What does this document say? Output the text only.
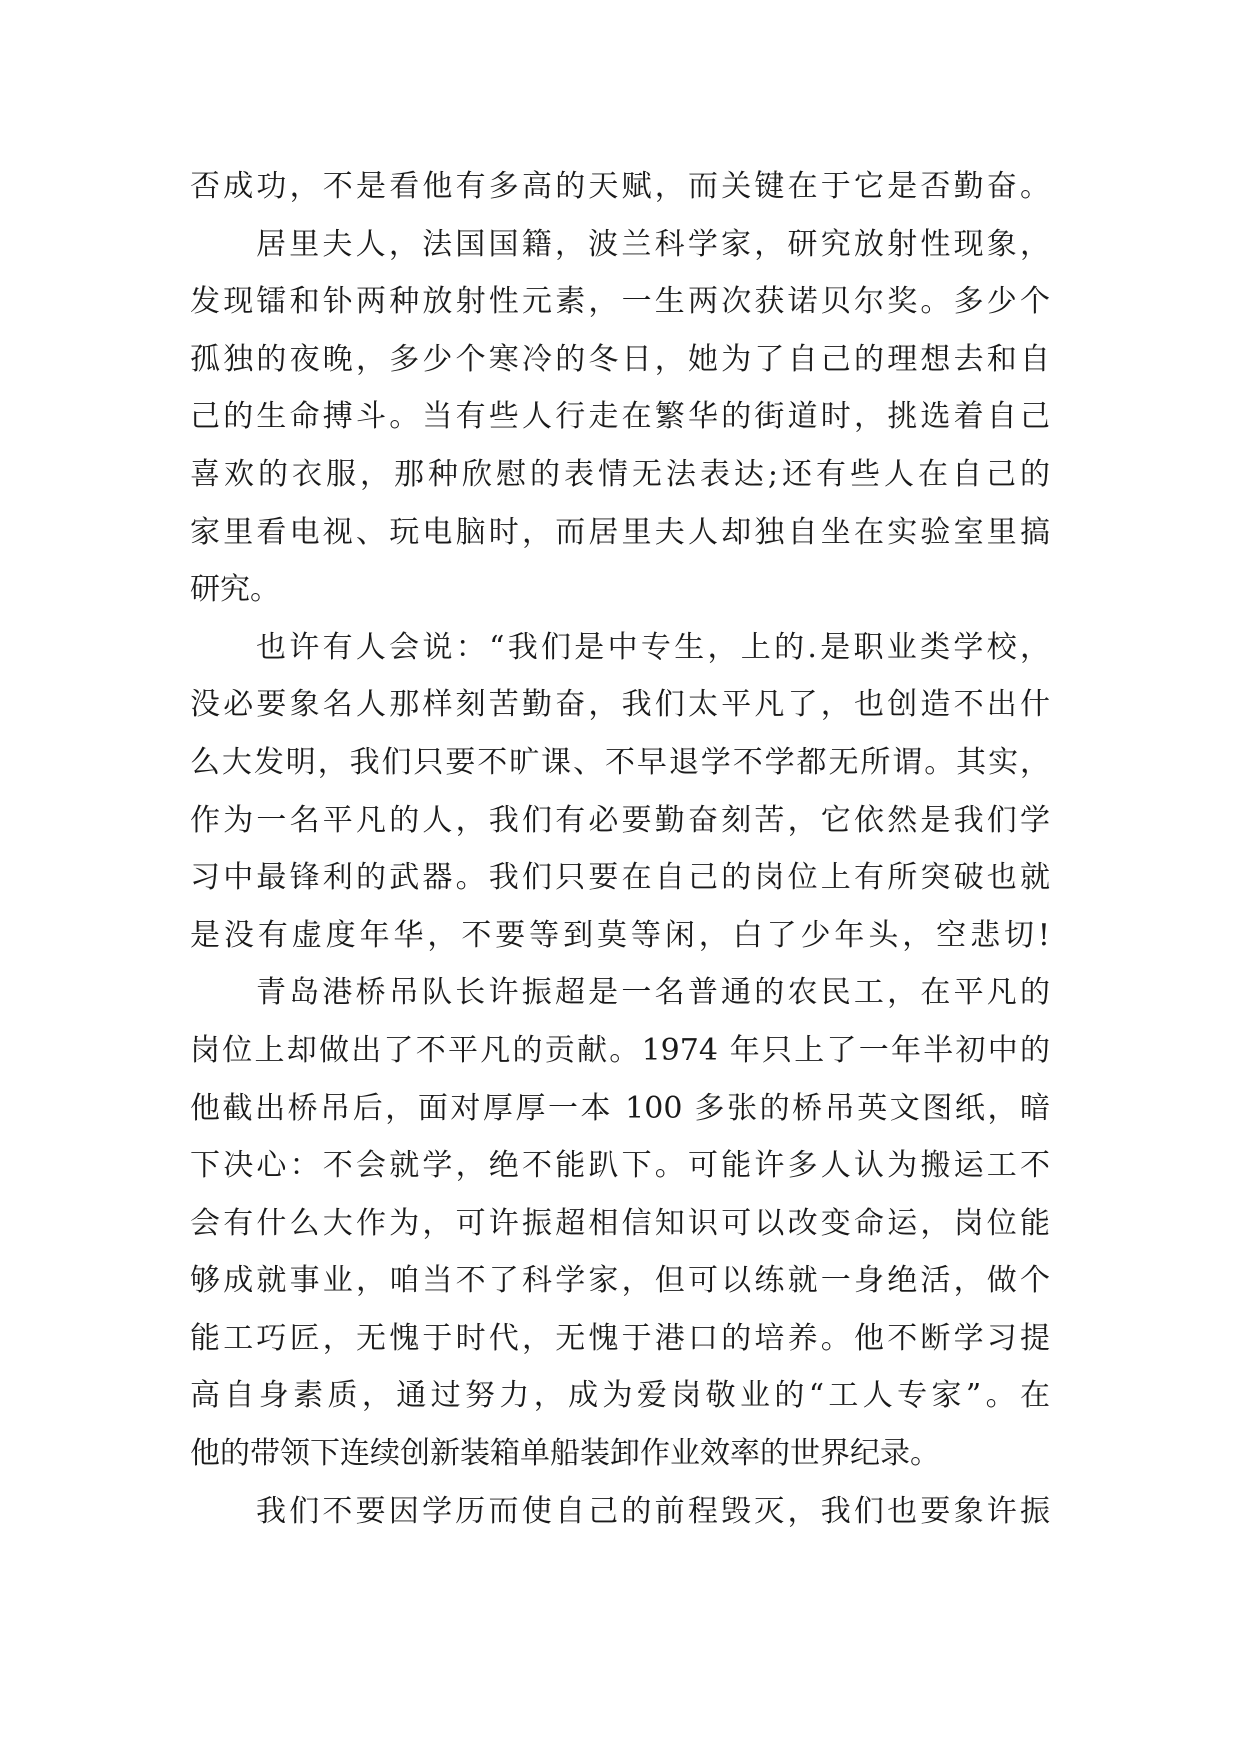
否成功，不是看他有多高的天赋，而关键在于它是否勤奋。
居里夫人，法国国籍，波兰科学家，研究放射性现象，
发现镭和钋两种放射性元素，一生两次获诺贝尔奖。多少个
孤独的夜晚，多少个寒冷的冬日，她为了自己的理想去和自
己的生命搏斗。当有些人行走在繁华的街道时，挑选着自己
喜欢的衣服，那种欣慰的表情无法表达;还有些人在自己的
家里看电视、玩电脑时，而居里夫人却独自坐在实验室里搞
研究。
也许有人会说：“我们是中专生，上的.是职业类学校，
没必要象名人那样刻苦勤奋，我们太平凡了，也创造不出什
么大发明，我们只要不旷课、不早退学不学都无所谓。其实，
作为一名平凡的人，我们有必要勤奋刻苦，它依然是我们学
习中最锋利的武器。我们只要在自己的岗位上有所突破也就
是没有虚度年华，不要等到莫等闲，白了少年头，空悲切!
青岛港桥吊队长许振超是一名普通的农民工，在平凡的
岗位上却做出了不平凡的贡献。1974 年只上了一年半初中的
他截出桥吊后，面对厚厚一本 100 多张的桥吊英文图纸，暗
下决心：不会就学，绝不能趴下。可能许多人认为搬运工不
会有什么大作为，可许振超相信知识可以改变命运，岗位能
够成就事业，咱当不了科学家，但可以练就一身绝活，做个
能工巧匠，无愧于时代，无愧于港口的培养。他不断学习提
高自身素质，通过努力，成为爱岗敬业的“工人专家”。在
他的带领下连续创新装箱单船装卸作业效率的世界纪录。
我们不要因学历而使自己的前程毁灭，我们也要象许振
